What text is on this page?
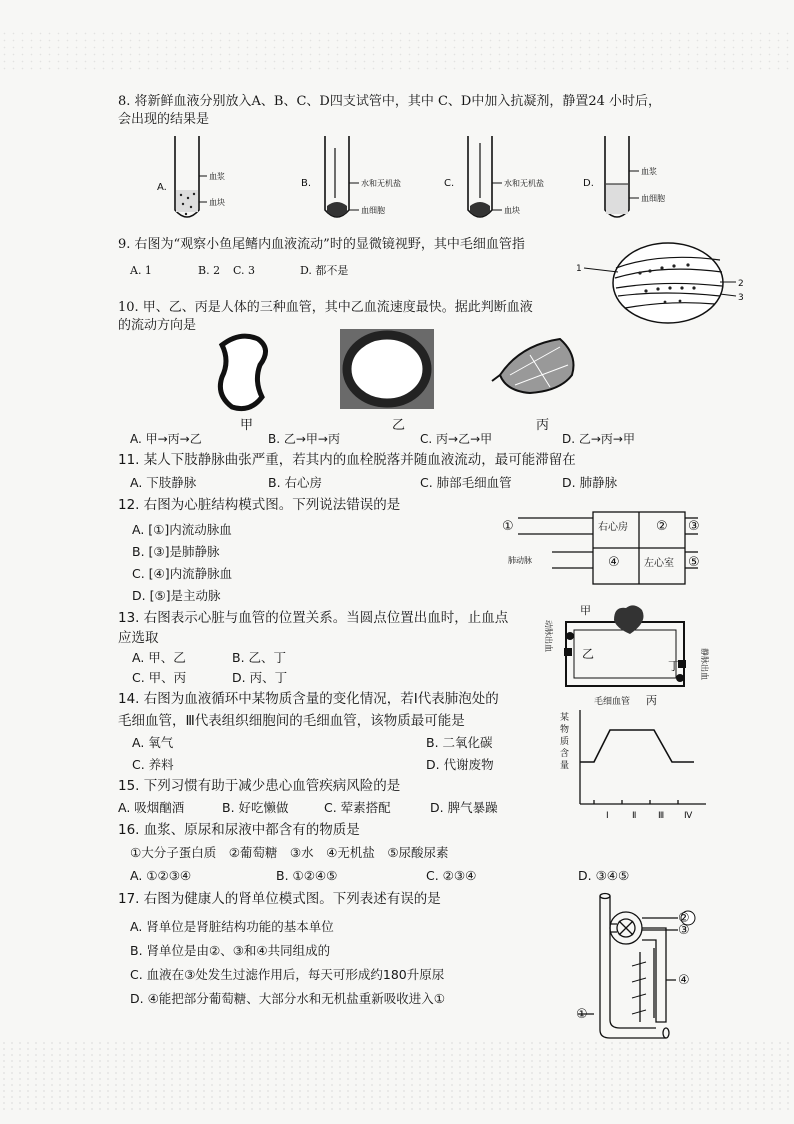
8. 将新鲜血液分别放入A、B、C、D四支试管中，其中 C、D中加入抗凝剂，静置24 小时后，
会出现的结果是
A.
血浆
血块
B.	水和无机盐
血细胞
C.	水和无机盐
血块
D.
血浆
血细胞
9. 右图为“观察小鱼尾鳍内血液流动”时的显微镜视野，其中毛细血管指
A. 1	B. 2 C. 3	D. 都不是	1
2
3
10. 甲、乙、丙是人体的三种血管，其中乙血流速度最快。据此判断血液
的流动方向是
甲	乙	丙
A. 甲→丙→乙	B. 乙→甲→丙	C. 丙→乙→甲	D. 乙→丙→甲
11. 某人下肢静脉曲张严重，若其内的血栓脱落并随血液流动，最可能滞留在
A. 下肢静脉	B. 右心房	C. 肺部毛细血管	D. 肺静脉
12. 右图为心脏结构模式图。下列说法错误的是
A. [①]内流动脉血
B. [③]是肺静脉
C. [④]内流静脉血
D. [⑤]是主动脉
①	右心房 ② ③
肺动脉	④ 左心室 ⑤
13. 右图表示心脏与血管的位置关系。当圆点位置出血时，止血点
应选取
A. 甲、乙	B. 乙、丁
C. 甲、丙	D. 丙、丁
甲
乙
丁
丙
毛细血管
动脉出血
静脉出血
14. 右图为血液循环中某物质含量的变化情况，若Ⅰ代表肺泡处的
毛细血管，Ⅲ代表组织细胞间的毛细血管，该物质最可能是
A. 氧气	B. 二氧化碳
C. 养料	D. 代谢废物
某物质含量
Ⅰ	Ⅱ Ⅲ Ⅳ
15. 下列习惯有助于减少患心血管疾病风险的是
A. 吸烟酗酒	B. 好吃懒做	C. 荤素搭配	D. 脾气暴躁
16. 血浆、原尿和尿液中都含有的物质是
①大分子蛋白质　②葡萄糖　③水　④无机盐　⑤尿酸尿素
A. ①②③④	B. ①②④⑤	C. ②③④	D. ③④⑤
17. 右图为健康人的肾单位模式图。下列表述有误的是
A. 肾单位是肾脏结构功能的基本单位
B. 肾单位是由②、③和④共同组成的
C. 血液在③处发生过滤作用后，每天可形成约180升原尿
D. ④能把部分葡萄糖、大部分水和无机盐重新吸收进入①
②
③
④
①
